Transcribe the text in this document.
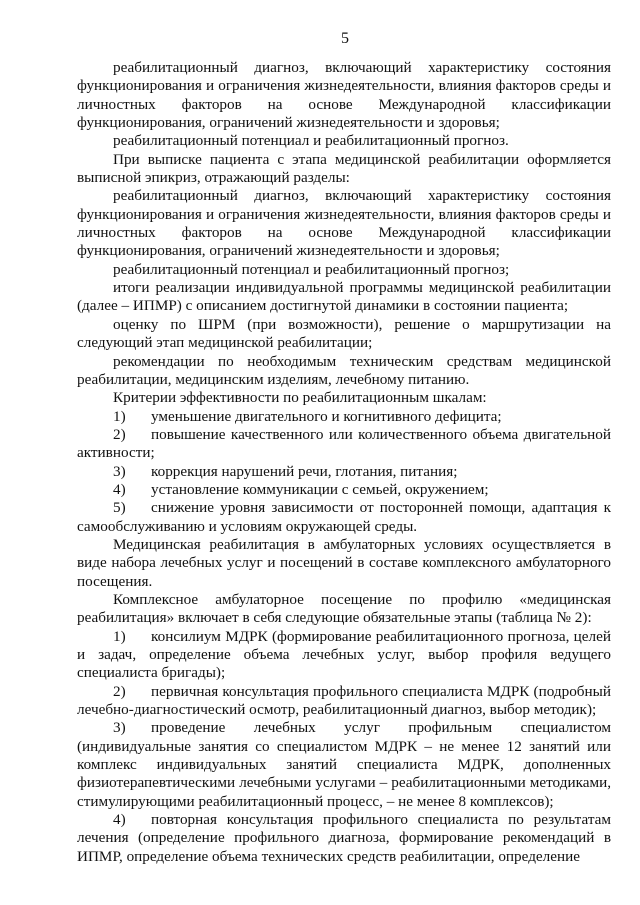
5

реабилитационный диагноз, включающий характеристику состояния функционирования и ограничения жизнедеятельности, влияния факторов среды и личностных факторов на основе Международной классификации функционирования, ограничений жизнедеятельности и здоровья;

реабилитационный потенциал и реабилитационный прогноз.

При выписке пациента с этапа медицинской реабилитации оформляется выписной эпикриз, отражающий разделы:

реабилитационный диагноз, включающий характеристику состояния функционирования и ограничения жизнедеятельности, влияния факторов среды и личностных факторов на основе Международной классификации функционирования, ограничений жизнедеятельности и здоровья;

реабилитационный потенциал и реабилитационный прогноз;

итоги реализации индивидуальной программы медицинской реабилитации (далее – ИПМР) с описанием достигнутой динамики в состоянии пациента;

оценку по ШРМ (при возможности), решение о маршрутизации на следующий этап медицинской реабилитации;

рекомендации по необходимым техническим средствам медицинской реабилитации, медицинским изделиям, лечебному питанию.

Критерии эффективности по реабилитационным шкалам:

1) уменьшение двигательного и когнитивного дефицита;

2) повышение качественного или количественного объема двигательной активности;

3) коррекция нарушений речи, глотания, питания;

4) установление коммуникации с семьей, окружением;

5) снижение уровня зависимости от посторонней помощи, адаптация к самообслуживанию и условиям окружающей среды.

Медицинская реабилитация в амбулаторных условиях осуществляется в виде набора лечебных услуг и посещений в составе комплексного амбулаторного посещения.

Комплексное амбулаторное посещение по профилю «медицинская реабилитация» включает в себя следующие обязательные этапы (таблица № 2):

1) консилиум МДРК (формирование реабилитационного прогноза, целей и задач, определение объема лечебных услуг, выбор профиля ведущего специалиста бригады);

2) первичная консультация профильного специалиста МДРК (подробный лечебно-диагностический осмотр, реабилитационный диагноз, выбор методик);

3) проведение лечебных услуг профильным специалистом (индивидуальные занятия со специалистом МДРК – не менее 12 занятий или комплекс индивидуальных занятий специалиста МДРК, дополненных физиотерапевтическими лечебными услугами – реабилитационными методиками, стимулирующими реабилитационный процесс, – не менее 8 комплексов);

4) повторная консультация профильного специалиста по результатам лечения (определение профильного диагноза, формирование рекомендаций в ИПМР, определение объема технических средств реабилитации, определение
